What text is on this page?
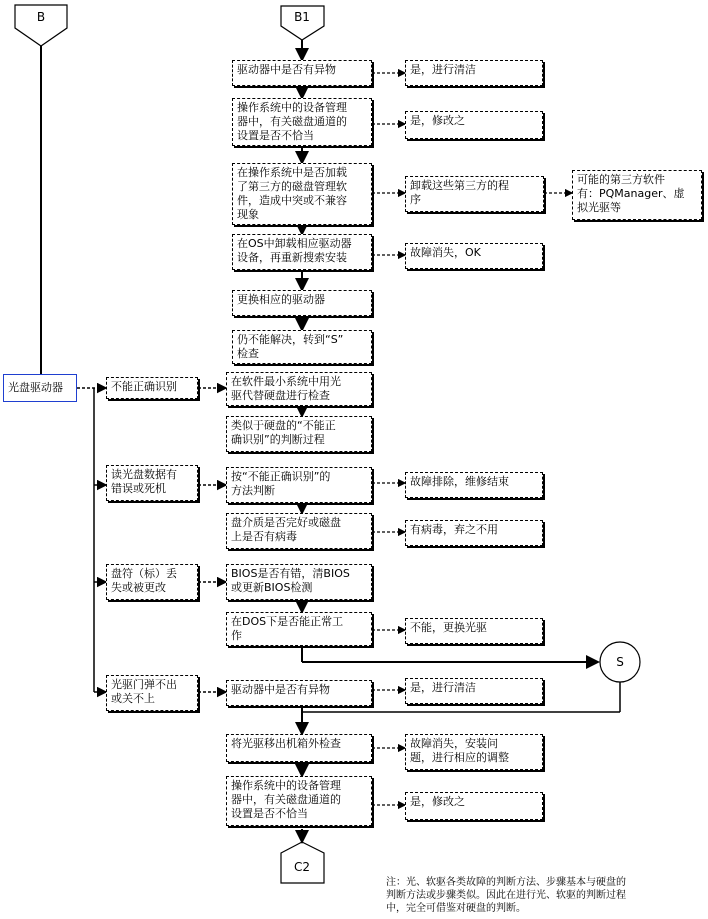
B	B1
C2
S
光盘驱动器	不能正确识别
读光盘数据有
错误或死机
盘符（标）丢
失或被更改
光驱门弹不出
或关不上
驱动器中是否有异物
操作系统中的设备管理
器中，有关磁盘通道的
设置是否不恰当
在操作系统中是否加载
了第三方的磁盘管理软
件，造成中突或不兼容
现象
在OS中卸载相应驱动器
设备，再重新搜索安装
更换相应的驱动器
仍不能解决，转到“S”
检查
在软件最小系统中用光
驱代替硬盘进行检查
类似于硬盘的“不能正
确识别”的判断过程
按“不能正确识别”的
方法判断
盘介质是否完好或磁盘
上是否有病毒
BIOS是否有错，清BIOS
或更新BIOS检测
在DOS下是否能正常工
作
驱动器中是否有异物
将光驱移出机箱外检查
操作系统中的设备管理
器中，有关磁盘通道的
设置是否不恰当
是，进行清洁
是，修改之
卸载这些第三方的程
序
可能的第三方软件
有：PQManager、虚
拟光驱等
故障消失，OK
故障排除，维修结束
有病毒，弃之不用
不能，更换光驱
是，进行清洁
故障消失，安装问
题，进行相应的调整
是，修改之
注：光、软驱各类故障的判断方法、步骤基本与硬盘的
判断方法或步骤类似。因此在进行光、软驱的判断过程
中，完全可借鉴对硬盘的判断。
